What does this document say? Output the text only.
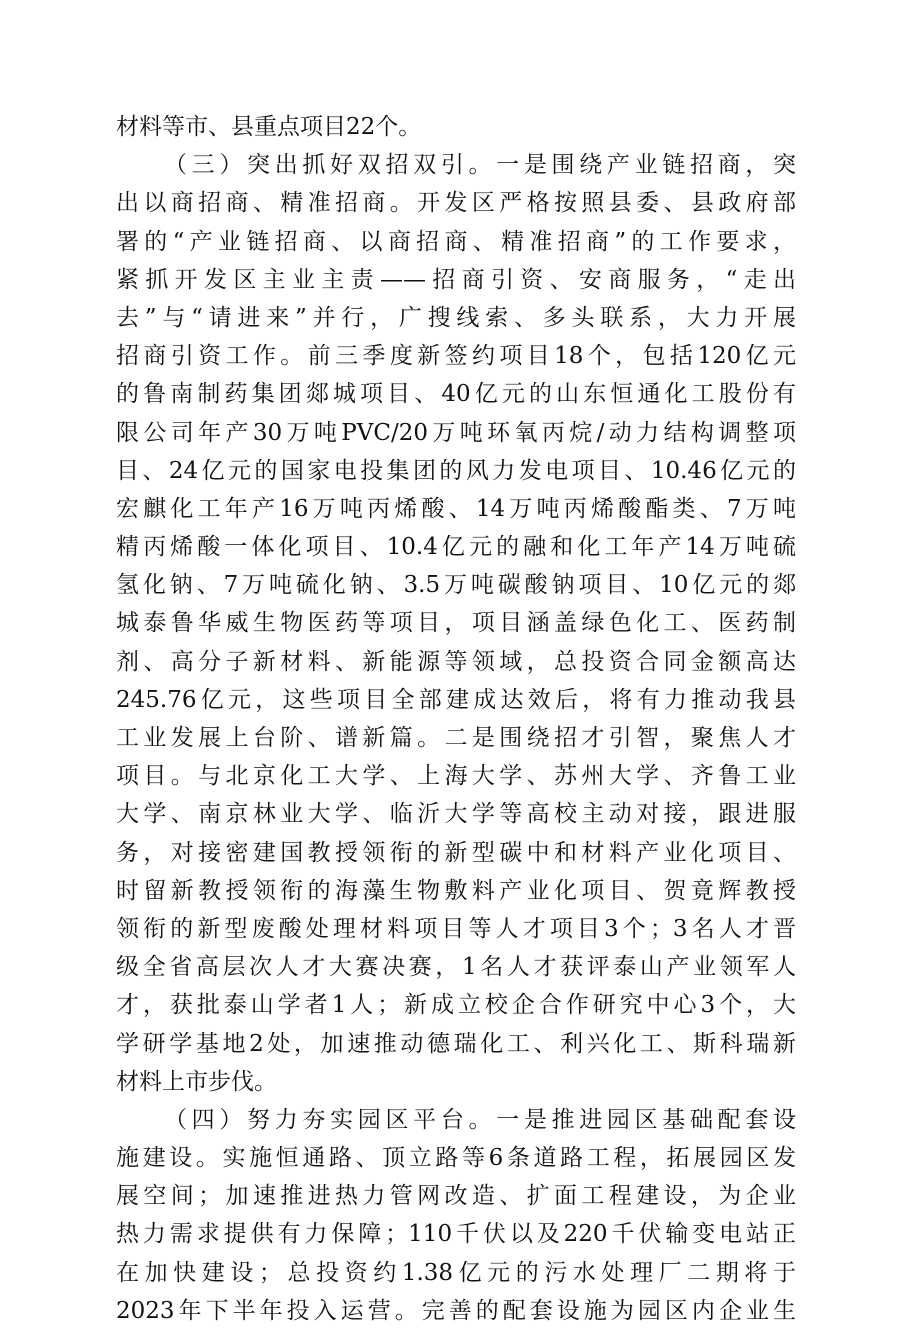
材料等市、县重点项目22个。
（三）突出抓好双招双引。一是围绕产业链招商，突
出以商招商、精准招商。开发区严格按照县委、县政府部
署的“产业链招商、以商招商、精准招商”的工作要求，
紧抓开发区主业主责——招商引资、安商服务，“走出
去”与“请进来”并行，广搜线索、多头联系，大力开展
招商引资工作。前三季度新签约项目18个，包括120亿元
的鲁南制药集团郯城项目、40亿元的山东恒通化工股份有
限公司年产30万吨PVC/20万吨环氧丙烷/动力结构调整项
目、24亿元的国家电投集团的风力发电项目、10.46亿元的
宏麒化工年产16万吨丙烯酸、14万吨丙烯酸酯类、7万吨
精丙烯酸一体化项目、10.4亿元的融和化工年产14万吨硫
氢化钠、7万吨硫化钠、3.5万吨碳酸钠项目、10亿元的郯
城泰鲁华威生物医药等项目，项目涵盖绿色化工、医药制
剂、高分子新材料、新能源等领域，总投资合同金额高达
245.76亿元，这些项目全部建成达效后，将有力推动我县
工业发展上台阶、谱新篇。二是围绕招才引智，聚焦人才
项目。与北京化工大学、上海大学、苏州大学、齐鲁工业
大学、南京林业大学、临沂大学等高校主动对接，跟进服
务，对接密建国教授领衔的新型碳中和材料产业化项目、
时留新教授领衔的海藻生物敷料产业化项目、贺竟辉教授
领衔的新型废酸处理材料项目等人才项目3个；3名人才晋
级全省高层次人才大赛决赛，1名人才获评泰山产业领军人
才，获批泰山学者1人；新成立校企合作研究中心3个，大
学研学基地2处，加速推动德瑞化工、利兴化工、斯科瑞新
材料上市步伐。
（四）努力夯实园区平台。一是推进园区基础配套设
施建设。实施恒通路、顶立路等6条道路工程，拓展园区发
展空间；加速推进热力管网改造、扩面工程建设，为企业
热力需求提供有力保障；110千伏以及220千伏输变电站正
在加快建设；总投资约1.38亿元的污水处理厂二期将于
2023年下半年投入运营。完善的配套设施为园区内企业生
